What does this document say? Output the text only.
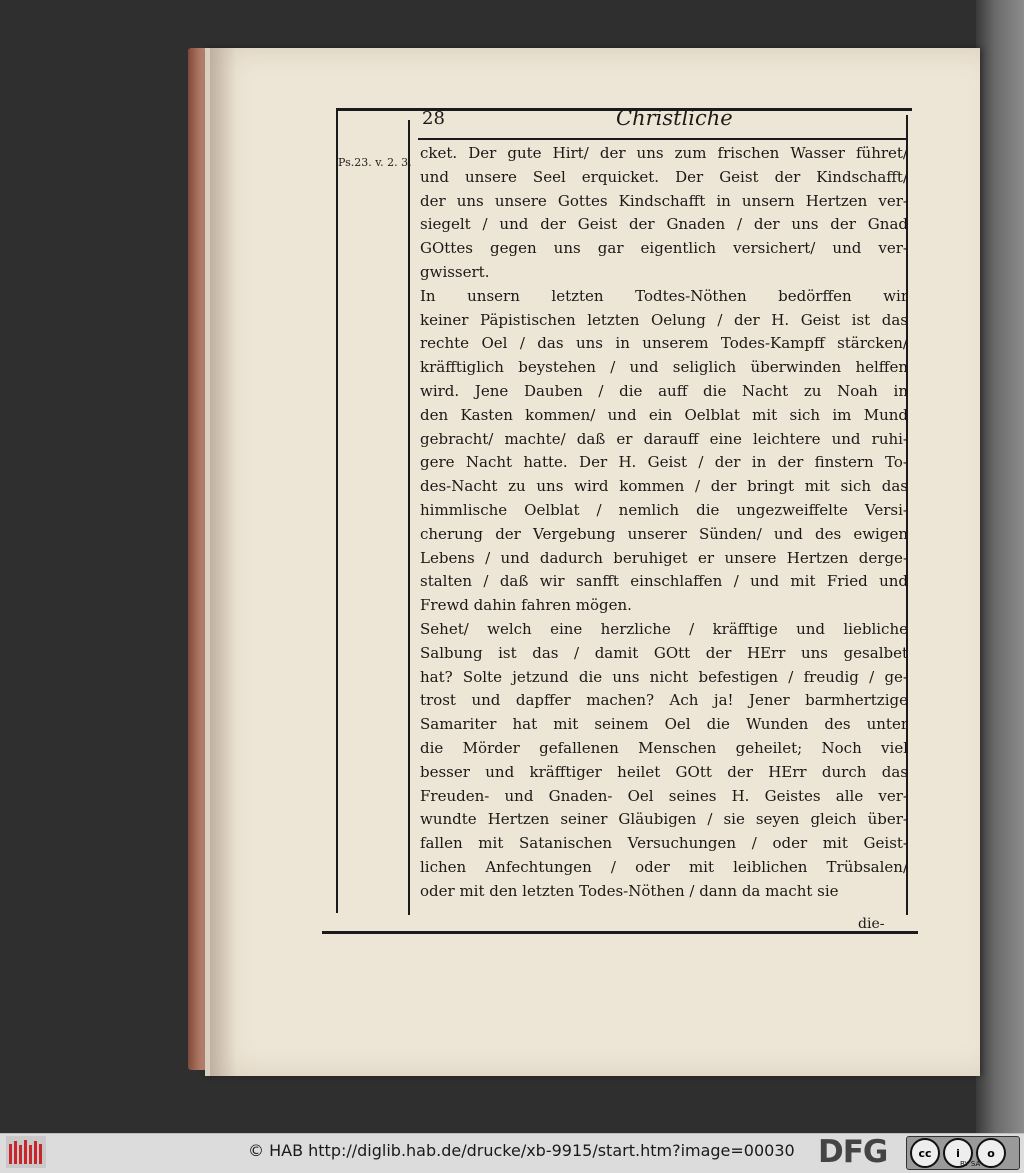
28	Christliche
Ps.23. v. 2. 3.
cket. Der gute Hirt/ der uns zum frischen Wasser führet/
und unsere Seel erquicket. Der Geist der Kindschafft/
der uns unsere Gottes Kindschafft in unsern Hertzen ver-
siegelt / und der Geist der Gnaden / der uns der Gnad
GOttes gegen uns gar eigentlich versichert/ und ver-
gwissert.
In unsern letzten Todtes-Nöthen bedörffen wir
keiner Päpistischen letzten Oelung / der H. Geist ist das
rechte Oel / das uns in unserem Todes-Kampff stärcken/
kräfftiglich beystehen / und seliglich überwinden helffen
wird. Jene Dauben / die auff die Nacht zu Noah in
den Kasten kommen/ und ein Oelblat mit sich im Mund
gebracht/ machte/ daß er darauff eine leichtere und ruhi-
gere Nacht hatte. Der H. Geist / der in der finstern To-
des-Nacht zu uns wird kommen / der bringt mit sich das
himmlische Oelblat / nemlich die ungezweiffelte Versi-
cherung der Vergebung unserer Sünden/ und des ewigen
Lebens / und dadurch beruhiget er unsere Hertzen derge-
stalten / daß wir sanfft einschlaffen / und mit Fried und
Frewd dahin fahren mögen.
Sehet/ welch eine herzliche / kräfftige und liebliche
Salbung ist das / damit GOtt der HErr uns gesalbet
hat? Solte jetzund die uns nicht befestigen / freudig / ge-
trost und dapffer machen? Ach ja! Jener barmhertzige
Samariter hat mit seinem Oel die Wunden des unter
die Mörder gefallenen Menschen geheilet; Noch viel
besser und kräfftiger heilet GOtt der HErr durch das
Freuden- und Gnaden- Oel seines H. Geistes alle ver-
wundte Hertzen seiner Gläubigen / sie seyen gleich über-
fallen mit Satanischen Versuchungen / oder mit Geist-
lichen Anfechtungen / oder mit leiblichen Trübsalen/
oder mit den letzten Todes-Nöthen / dann da macht sie
die-
© HAB http://diglib.hab.de/drucke/xb-9915/start.htm?image=00030 DFG	cc	i	o
BY SA
